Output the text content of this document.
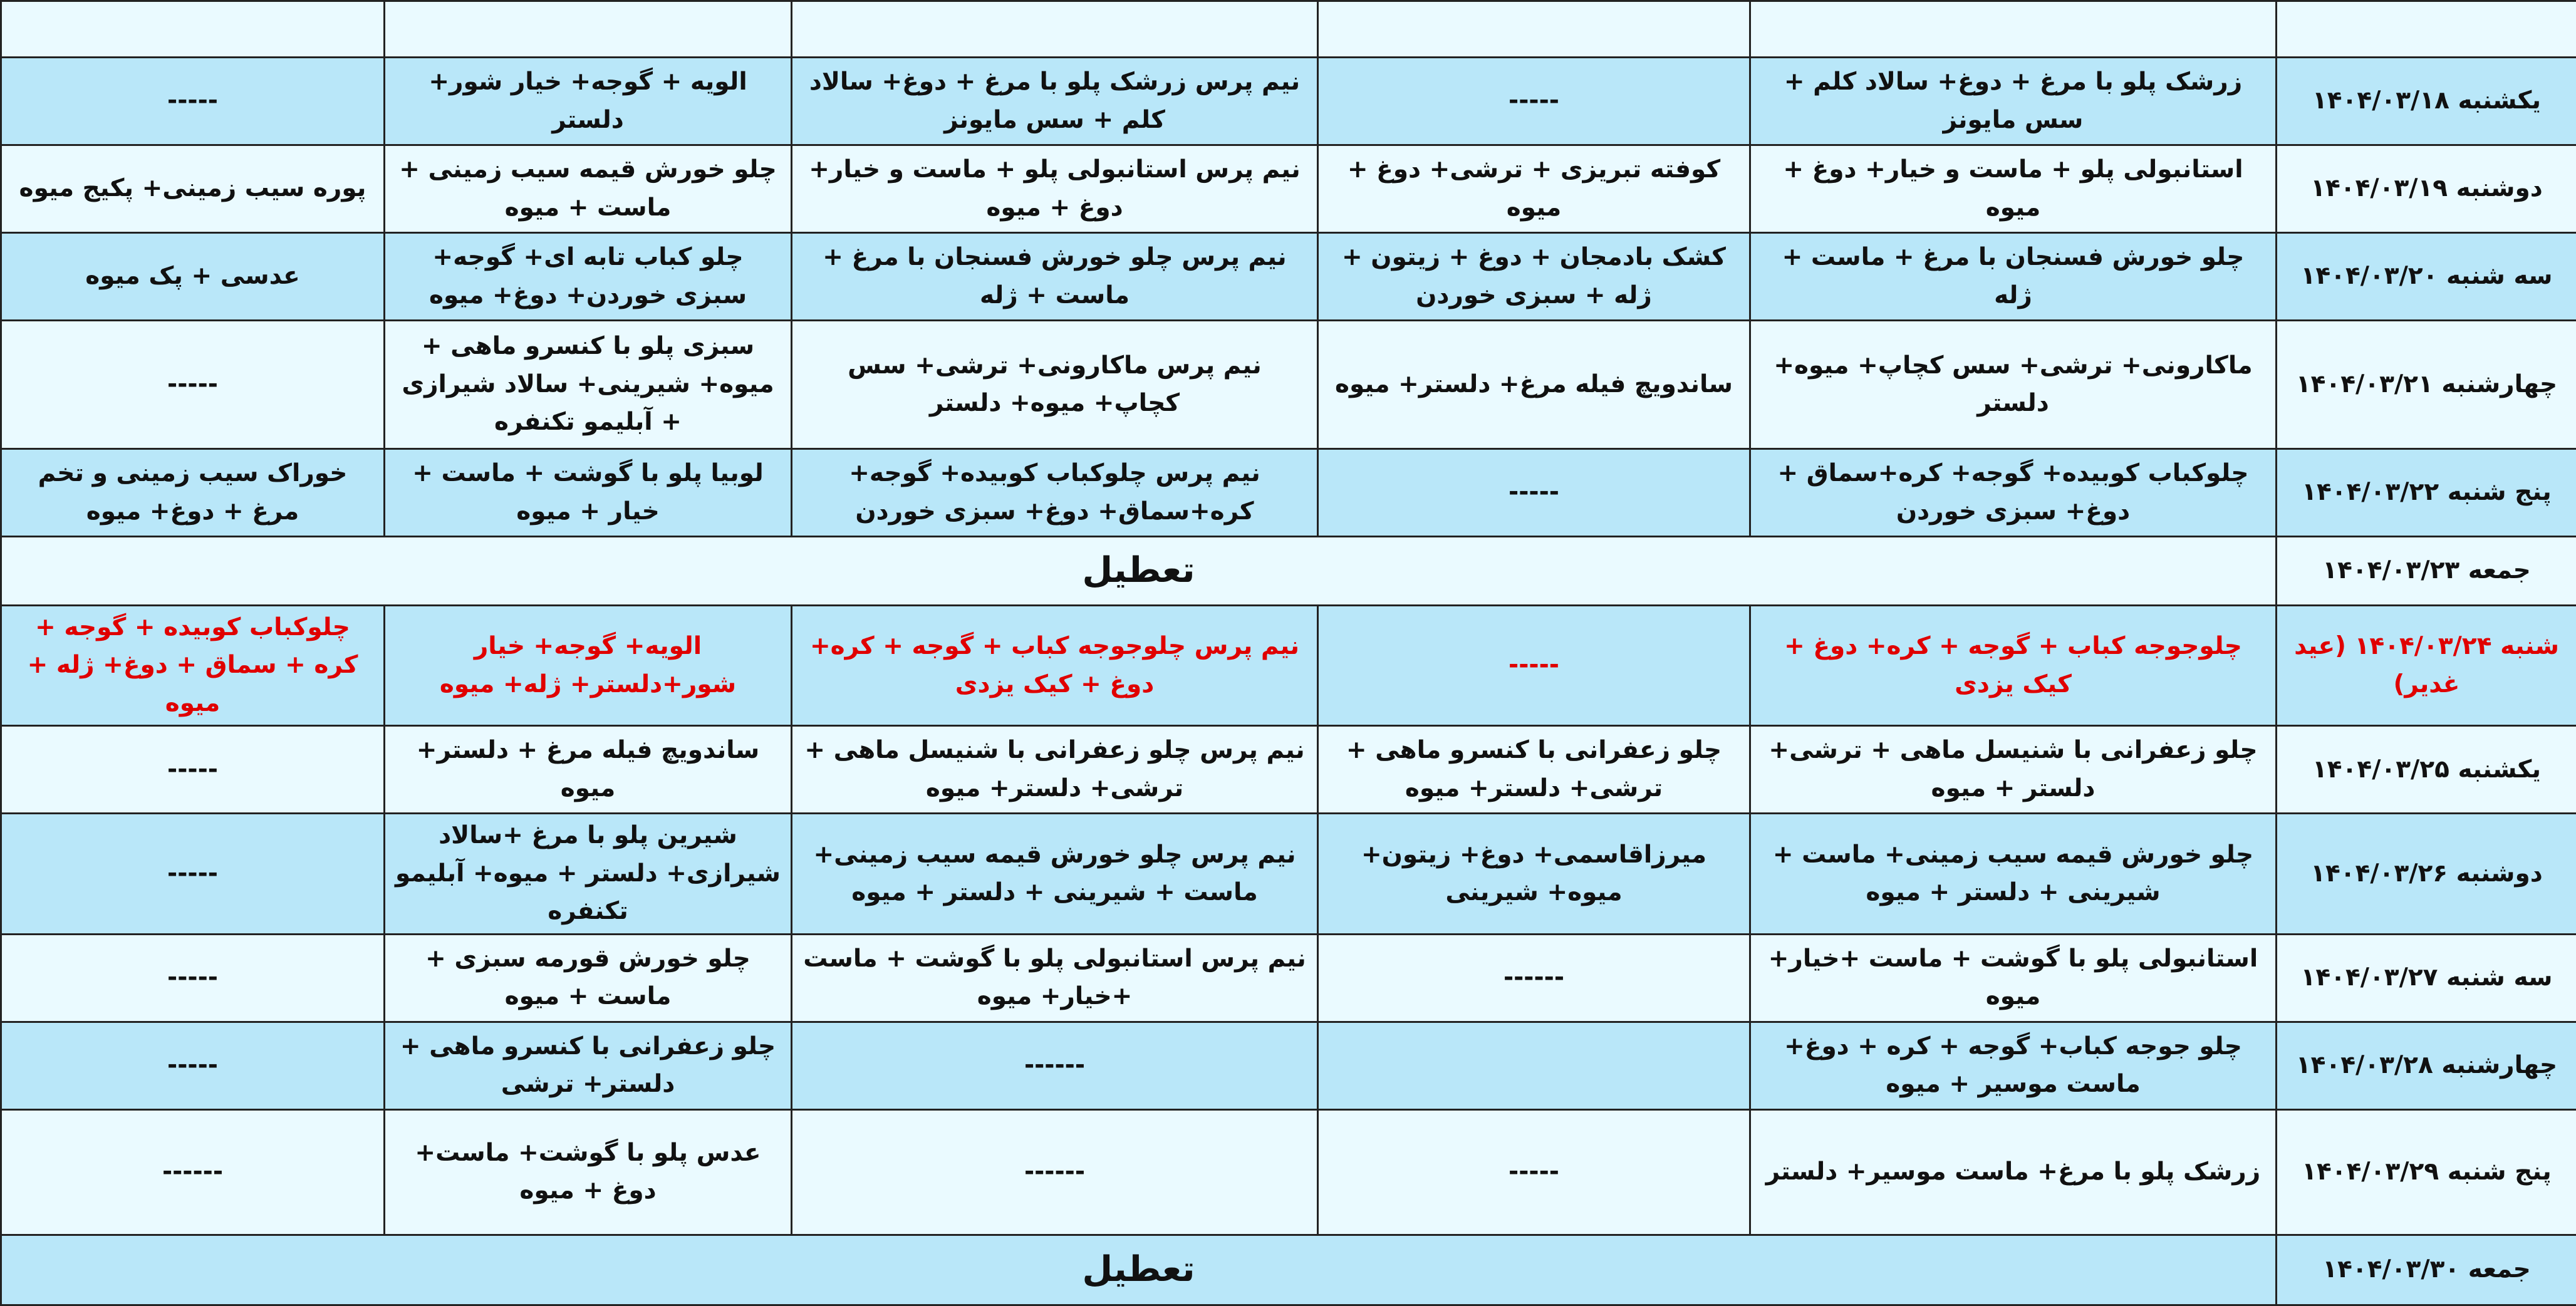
یکشنبه ۱۴۰۴/۰۳/۱۸	زرشک پلو با مرغ + دوغ+ سالاد کلم + سس مایونز	-----	نیم پرس زرشک پلو با مرغ + دوغ+ سالاد کلم + سس مایونز	الویه + گوجه+ خیار شور+ دلستر	-----
دوشنبه ۱۴۰۴/۰۳/۱۹	استانبولی پلو + ماست و خیار+ دوغ + میوه	کوفته تبریزی + ترشی+ دوغ + میوه	نیم پرس استانبولی پلو + ماست و خیار+ دوغ + میوه	چلو خورش قیمه سیب زمینی + ماست + میوه	پوره سیب زمینی+ پکیج میوه
سه شنبه ۱۴۰۴/۰۳/۲۰	چلو خورش فسنجان با مرغ + ماست + ژله	کشک بادمجان + دوغ + زیتون + ژله + سبزی خوردن	نیم پرس چلو خورش فسنجان با مرغ + ماست + ژله	چلو کباب تابه ای+ گوجه+ سبزی خوردن+ دوغ+ میوه	عدسی + پک میوه
چهارشنبه ۱۴۰۴/۰۳/۲۱	ماکارونی+ ترشی+ سس کچاپ+ میوه+ دلستر	ساندویچ فیله مرغ+ دلستر+ میوه	نیم پرس ماکارونی+ ترشی+ سس کچاپ+ میوه+ دلستر	سبزی پلو با کنسرو ماهی + میوه+ شیرینی+ سالاد شیرازی + آبلیمو تکنفره	-----
پنج شنبه ۱۴۰۴/۰۳/۲۲	چلوکباب کوبیده+ گوجه+ کره+سماق + دوغ+ سبزی خوردن	-----	نیم پرس چلوکباب کوبیده+ گوجه+ کره+سماق+ دوغ+ سبزی خوردن	لوبیا پلو با گوشت + ماست + خیار + میوه	خوراک سیب زمینی و تخم مرغ + دوغ+ میوه
جمعه ۱۴۰۴/۰۳/۲۳	تعطیل				
شنبه ۱۴۰۴/۰۳/۲۴ (عید غدیر)	چلوجوجه کباب + گوجه + کره+ دوغ + کیک یزدی	-----	نیم پرس چلوجوجه کباب + گوجه + کره+ دوغ + کیک یزدی	الویه+ گوجه+ خیار شور+دلستر+ ژله+ میوه	چلوکباب کوبیده + گوجه + کره + سماق + دوغ+ ژله + میوه
یکشنبه ۱۴۰۴/۰۳/۲۵	چلو زعفرانی با شنیسل ماهی + ترشی+ دلستر + میوه	چلو زعفرانی با کنسرو ماهی + ترشی+ دلستر+ میوه	نیم پرس چلو زعفرانی با شنیسل ماهی + ترشی+ دلستر+ میوه	ساندویچ فیله مرغ + دلستر+ میوه	-----
دوشنبه ۱۴۰۴/۰۳/۲۶	چلو خورش قیمه سیب زمینی+ ماست + شیرینی + دلستر + میوه	میرزاقاسمی+ دوغ+ زیتون+ میوه+ شیرینی	نیم پرس چلو خورش قیمه سیب زمینی+ ماست + شیرینی + دلستر + میوه	شیرین پلو با مرغ +سالاد شیرازی+ دلستر + میوه+ آبلیمو تکنفره	-----
سه شنبه ۱۴۰۴/۰۳/۲۷	استانبولی پلو با گوشت + ماست +خیار+ میوه	------	نیم پرس استانبولی پلو با گوشت + ماست +خیار+ میوه	چلو خورش قورمه سبزی + ماست + میوه	-----
چهارشنبه ۱۴۰۴/۰۳/۲۸	چلو جوجه کباب+ گوجه + کره + دوغ+ ماست موسیر + میوه		------	چلو زعفرانی با کنسرو ماهی + دلستر+ ترشی	-----
پنج شنبه ۱۴۰۴/۰۳/۲۹	زرشک پلو با مرغ+ ماست موسیر+ دلستر	-----	------	عدس پلو با گوشت+ ماست+ دوغ + میوه	------
جمعه ۱۴۰۴/۰۳/۳۰	تعطیل				
